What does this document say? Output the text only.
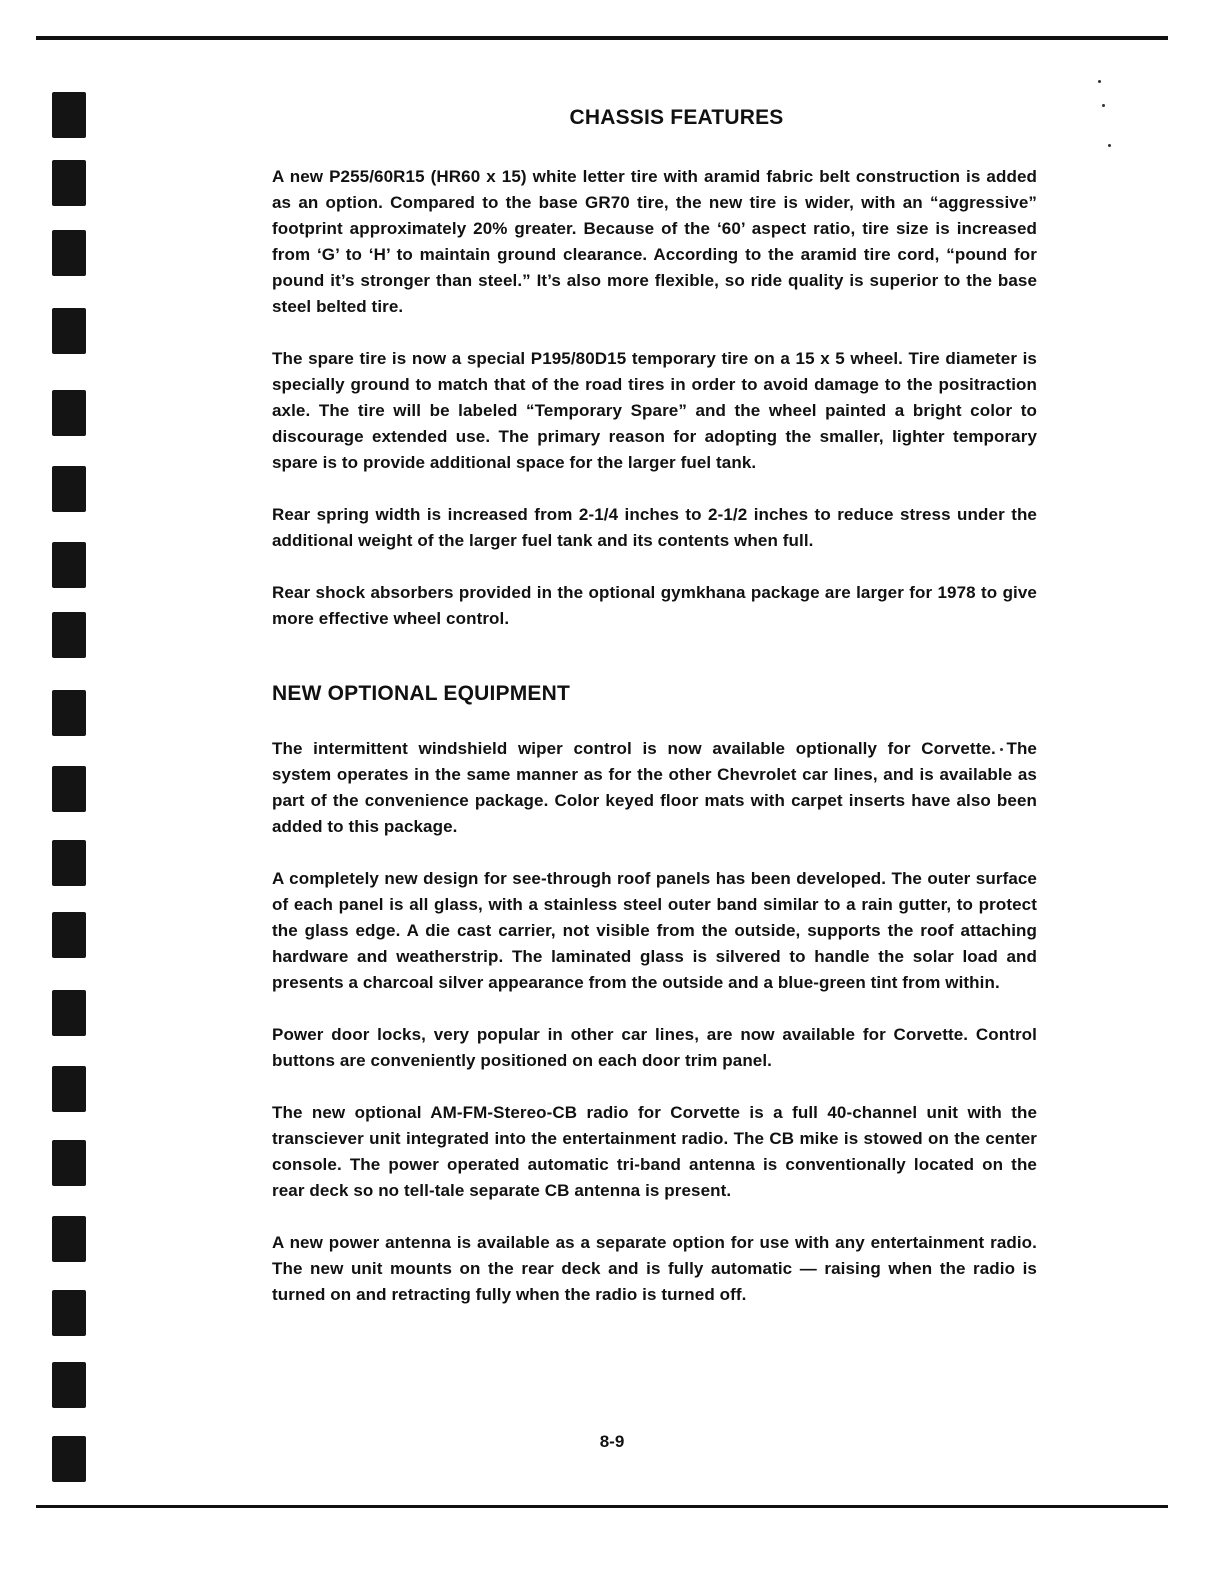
CHASSIS FEATURES

A new P255/60R15 (HR60 x 15) white letter tire with aramid fabric belt construction is added as an option. Compared to the base GR70 tire, the new tire is wider, with an “aggressive” footprint approximately 20% greater. Because of the ‘60’ aspect ratio, tire size is increased from ‘G’ to ‘H’ to maintain ground clearance. According to the aramid tire cord, “pound for pound it’s stronger than steel.” It’s also more flexible, so ride quality is superior to the base steel belted tire.

The spare tire is now a special P195/80D15 temporary tire on a 15 x 5 wheel. Tire diameter is specially ground to match that of the road tires in order to avoid damage to the positraction axle. The tire will be labeled “Temporary Spare” and the wheel painted a bright color to discourage extended use. The primary reason for adopting the smaller, lighter temporary spare is to provide additional space for the larger fuel tank.

Rear spring width is increased from 2-1/4 inches to 2-1/2 inches to reduce stress under the additional weight of the larger fuel tank and its contents when full.

Rear shock absorbers provided in the optional gymkhana package are larger for 1978 to give more effective wheel control.

NEW OPTIONAL EQUIPMENT

The intermittent windshield wiper control is now available optionally for Corvette. The system operates in the same manner as for the other Chevrolet car lines, and is available as part of the convenience package. Color keyed floor mats with carpet inserts have also been added to this package.

A completely new design for see-through roof panels has been developed. The outer surface of each panel is all glass, with a stainless steel outer band similar to a rain gutter, to protect the glass edge. A die cast carrier, not visible from the outside, supports the roof attaching hardware and weatherstrip. The laminated glass is silvered to handle the solar load and presents a charcoal silver appearance from the outside and a blue-green tint from within.

Power door locks, very popular in other car lines, are now available for Corvette. Control buttons are conveniently positioned on each door trim panel.

The new optional AM-FM-Stereo-CB radio for Corvette is a full 40-channel unit with the transciever unit integrated into the entertainment radio. The CB mike is stowed on the center console. The power operated automatic tri-band antenna is conventionally located on the rear deck so no tell-tale separate CB antenna is present.

A new power antenna is available as a separate option for use with any entertainment radio. The new unit mounts on the rear deck and is fully automatic — raising when the radio is turned on and retracting fully when the radio is turned off.

8-9
